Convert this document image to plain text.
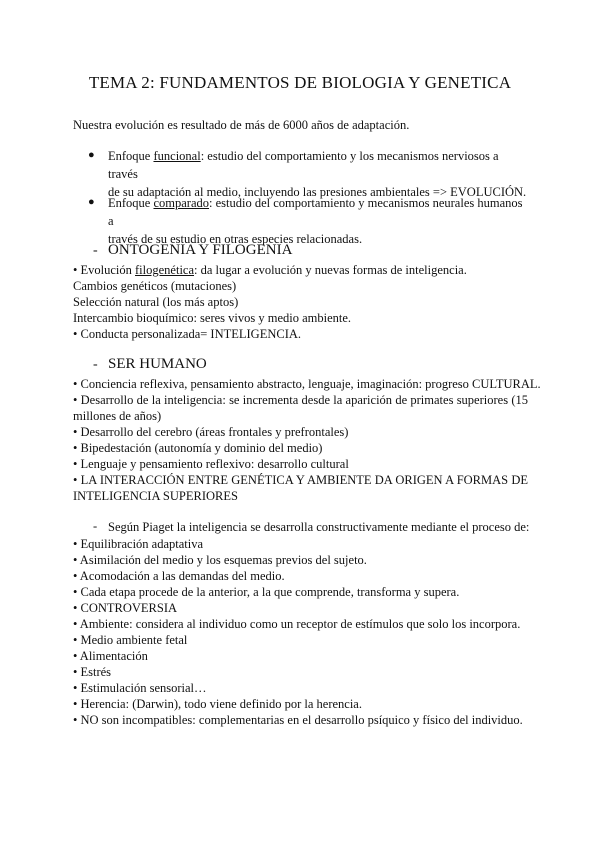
TEMA 2: FUNDAMENTOS DE BIOLOGIA Y GENETICA
Nuestra evolución es resultado de más de 6000 años de adaptación.
● Enfoque funcional: estudio del comportamiento y los mecanismos nerviosos a través
de su adaptación al medio, incluyendo las presiones ambientales => EVOLUCIÓN.
● Enfoque comparado: estudio del comportamiento y mecanismos neurales humanos a
través de su estudio en otras especies relacionadas.
- ONTOGENIA Y FILOGENIA
• Evolución filogenética: da lugar a evolución y nuevas formas de inteligencia.
Cambios genéticos (mutaciones)
Selección natural (los más aptos)
Intercambio bioquímico: seres vivos y medio ambiente.
• Conducta personalizada= INTELIGENCIA.
- SER HUMANO
• Conciencia reflexiva, pensamiento abstracto, lenguaje, imaginación: progreso CULTURAL.
• Desarrollo de la inteligencia: se incrementa desde la aparición de primates superiores (15
millones de años)
• Desarrollo del cerebro (áreas frontales y prefrontales)
• Bipedestación (autonomía y dominio del medio)
• Lenguaje y pensamiento reflexivo: desarrollo cultural
• LA INTERACCIÓN ENTRE GENÉTICA Y AMBIENTE DA ORIGEN A FORMAS DE
INTELIGENCIA SUPERIORES
- Según Piaget la inteligencia se desarrolla constructivamente mediante el proceso de:
• Equilibración adaptativa
• Asimilación del medio y los esquemas previos del sujeto.
• Acomodación a las demandas del medio.
• Cada etapa procede de la anterior, a la que comprende, transforma y supera.
• CONTROVERSIA
• Ambiente: considera al individuo como un receptor de estímulos que solo los incorpora.
• Medio ambiente fetal
• Alimentación
• Estrés
• Estimulación sensorial…
• Herencia: (Darwin), todo viene definido por la herencia.
• NO son incompatibles: complementarias en el desarrollo psíquico y físico del individuo.
